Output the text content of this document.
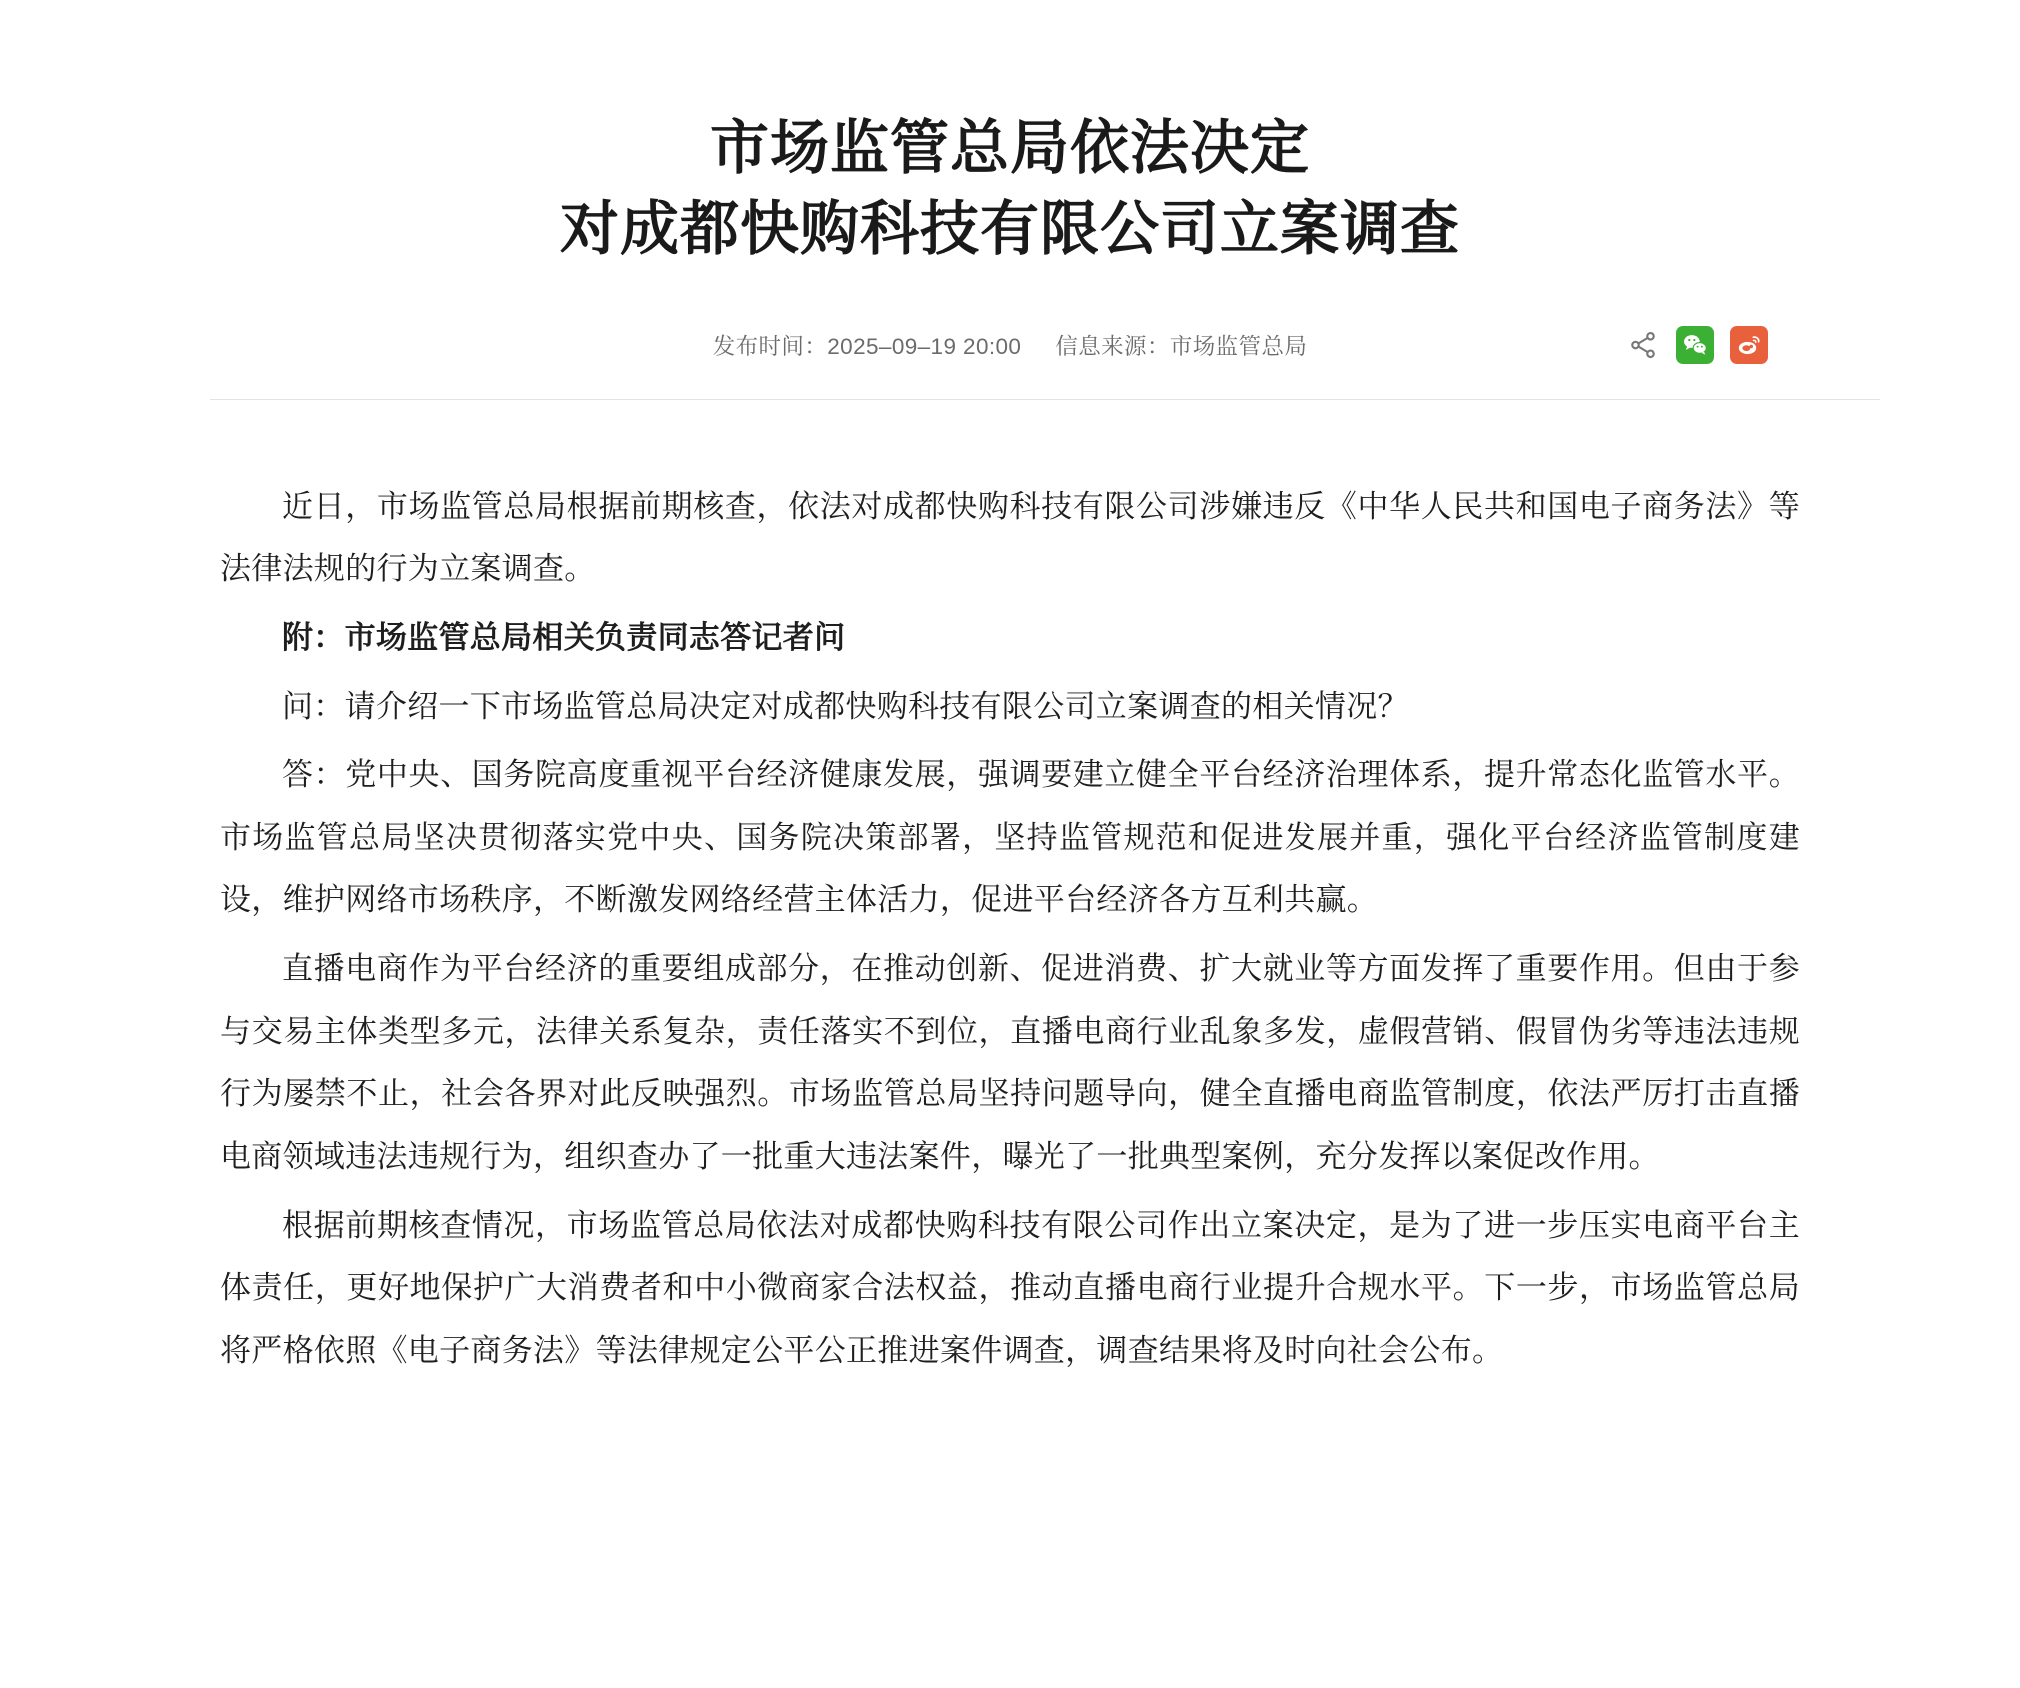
市场监管总局依法决定
对成都快购科技有限公司立案调查
发布时间：2025–09–19 20:00 信息来源：市场监管总局

近日，市场监管总局根据前期核查，依法对成都快购科技有限公司涉嫌违反《中华人民共和国电子商务法》等法律法规的行为立案调查。

附：市场监管总局相关负责同志答记者问

问：请介绍一下市场监管总局决定对成都快购科技有限公司立案调查的相关情况？

答：党中央、国务院高度重视平台经济健康发展，强调要建立健全平台经济治理体系，提升常态化监管水平。市场监管总局坚决贯彻落实党中央、国务院决策部署，坚持监管规范和促进发展并重，强化平台经济监管制度建设，维护网络市场秩序，不断激发网络经营主体活力，促进平台经济各方互利共赢。

直播电商作为平台经济的重要组成部分，在推动创新、促进消费、扩大就业等方面发挥了重要作用。但由于参与交易主体类型多元，法律关系复杂，责任落实不到位，直播电商行业乱象多发，虚假营销、假冒伪劣等违法违规行为屡禁不止，社会各界对此反映强烈。市场监管总局坚持问题导向，健全直播电商监管制度，依法严厉打击直播电商领域违法违规行为，组织查办了一批重大违法案件，曝光了一批典型案例，充分发挥以案促改作用。

根据前期核查情况，市场监管总局依法对成都快购科技有限公司作出立案决定，是为了进一步压实电商平台主体责任，更好地保护广大消费者和中小微商家合法权益，推动直播电商行业提升合规水平。下一步，市场监管总局将严格依照《电子商务法》等法律规定公平公正推进案件调查，调查结果将及时向社会公布。
